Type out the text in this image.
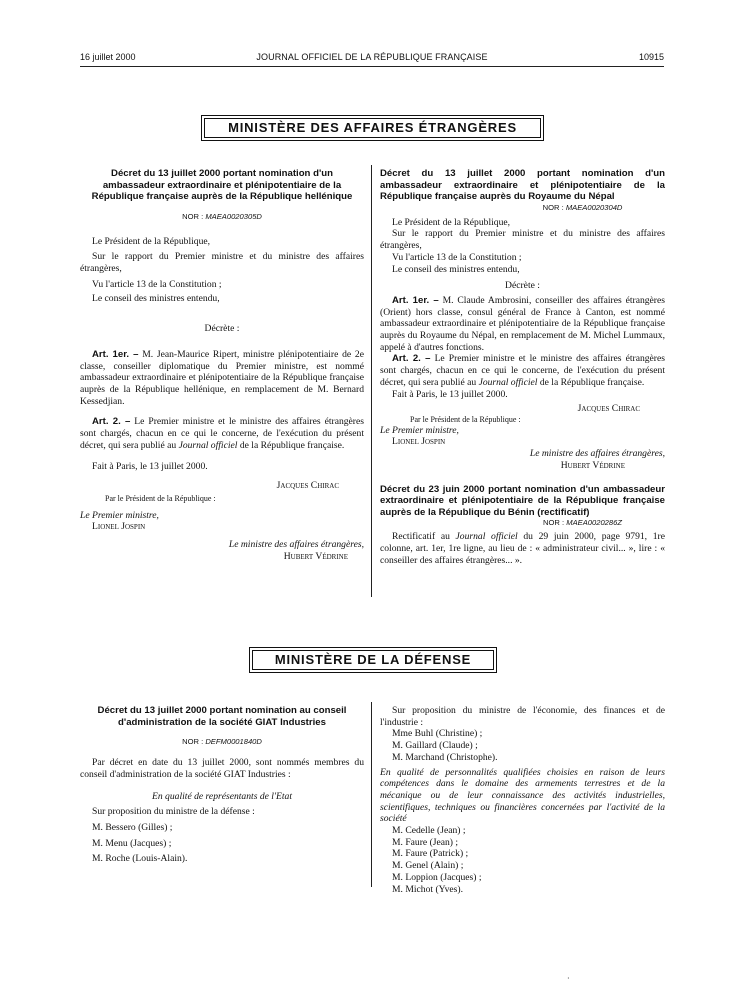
16 juillet 2000	JOURNAL OFFICIEL DE LA RÉPUBLIQUE FRANÇAISE	10915
MINISTÈRE DES AFFAIRES ÉTRANGÈRES

Décret du 13 juillet 2000 portant nomination d'un ambassadeur extraordinaire et plénipotentiaire de la République française auprès de la République hellénique

NOR : MAEA0020305D

Le Président de la République,

Sur le rapport du Premier ministre et du ministre des affaires étrangères,

Vu l'article 13 de la Constitution ;

Le conseil des ministres entendu,

Décrète :

Art. 1er. – M. Jean-Maurice Ripert, ministre plénipotentiaire de 2e classe, conseiller diplomatique du Premier ministre, est nommé ambassadeur extraordinaire et plénipotentiaire de la République française auprès de la République hellénique, en remplacement de M. Bernard Kessedjian.

Art. 2. – Le Premier ministre et le ministre des affaires étrangères sont chargés, chacun en ce qui le concerne, de l'exécution du présent décret, qui sera publié au Journal officiel de la République française.

Fait à Paris, le 13 juillet 2000.

Jacques Chirac

Par le Président de la République :

Le Premier ministre,

Lionel Jospin

Le ministre des affaires étrangères,

Hubert Védrine

Décret du 13 juillet 2000 portant nomination d'un ambassadeur extraordinaire et plénipotentiaire de la République française auprès du Royaume du Népal

NOR : MAEA0020304D

Le Président de la République,

Sur le rapport du Premier ministre et du ministre des affaires étrangères,

Vu l'article 13 de la Constitution ;

Le conseil des ministres entendu,

Décrète :

Art. 1er. – M. Claude Ambrosini, conseiller des affaires étrangères (Orient) hors classe, consul général de France à Canton, est nommé ambassadeur extraordinaire et plénipotentiaire de la République française auprès du Royaume du Népal, en remplacement de M. Michel Lummaux, appelé à d'autres fonctions.

Art. 2. – Le Premier ministre et le ministre des affaires étrangères sont chargés, chacun en ce qui le concerne, de l'exécution du présent décret, qui sera publié au Journal officiel de la République française.

Fait à Paris, le 13 juillet 2000.

Jacques Chirac

Par le Président de la République :

Le Premier ministre,

Lionel Jospin

Le ministre des affaires étrangères,

Hubert Védrine

Décret du 23 juin 2000 portant nomination d'un ambassadeur extraordinaire et plénipotentiaire de la République française auprès de la République du Bénin (rectificatif)

NOR : MAEA0020286Z

Rectificatif au Journal officiel du 29 juin 2000, page 9791, 1re colonne, art. 1er, 1re ligne, au lieu de : « administrateur civil... », lire : « conseiller des affaires étrangères... ».

MINISTÈRE DE LA DÉFENSE

Décret du 13 juillet 2000 portant nomination au conseil d'administration de la société GIAT Industries

NOR : DEFM0001840D

Par décret en date du 13 juillet 2000, sont nommés membres du conseil d'administration de la société GIAT Industries :

En qualité de représentants de l'Etat

Sur proposition du ministre de la défense :

M. Bessero (Gilles) ;

M. Menu (Jacques) ;

M. Roche (Louis-Alain).

Sur proposition du ministre de l'économie, des finances et de l'industrie :

Mme Buhl (Christine) ;

M. Gaillard (Claude) ;

M. Marchand (Christophe).

En qualité de personnalités qualifiées choisies en raison de leurs compétences dans le domaine des armements terrestres et de la mécanique ou de leur connaissance des activités industrielles, scientifiques, techniques ou financières concernées par l'activité de la société

M. Cedelle (Jean) ;

M. Faure (Jean) ;

M. Faure (Patrick) ;

M. Genel (Alain) ;

M. Loppion (Jacques) ;

M. Michot (Yves).

·
